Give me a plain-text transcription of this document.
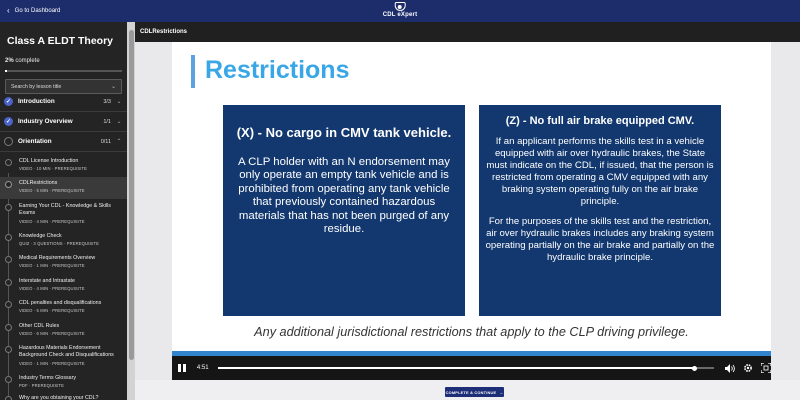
‹ Go to Dashboard
CDL eXpert
Class A ELDT Theory
2% complete
Search by lesson title	⌄
✓	Introduction	3/3 ⌄
✓	Industry Overview	1/1 ⌄
Orientation	0/11 ⌃
CDL License Introduction
VIDEO · 10 MIN · PREREQUISITE
CDLRestrictions
VIDEO · 5 MIN · PREREQUISITE
Earning Your CDL - Knowledge & Skills Exams
VIDEO · 4 MIN · PREREQUISITE
Knowledge Check
QUIZ · 3 QUESTIONS · PREREQUISITE
Medical Requirements Overview
VIDEO · 1 MIN · PREREQUISITE
Interstate and Intrastate
VIDEO · 4 MIN · PREREQUISITE
CDL penalties and disqualifications
VIDEO · 5 MIN · PREREQUISITE
Other CDL Rules
VIDEO · 6 MIN · PREREQUISITE
Hazardous Materials Endorsement Background Check and Disqualifications
VIDEO · 1 MIN · PREREQUISITE
Industry Terms Glossary
PDF · PREREQUISITE
Why are you obtaining your CDL?
CDLRestrictions
Restrictions
(X) - No cargo in CMV tank vehicle.
A CLP holder with an N endorsement may only operate an empty tank vehicle and is prohibited from operating any tank vehicle that previously contained hazardous materials that has not been purged of any residue.
(Z) - No full air brake equipped CMV.
If an applicant performs the skills test in a vehicle equipped with air over hydraulic brakes, the State must indicate on the CDL, if issued, that the person is restricted from operating a CMV equipped with any braking system operating fully on the air brake principle.
For the purposes of the skills test and the restriction, air over hydraulic brakes includes any braking system operating partially on the air brake and partially on the hydraulic brake principle.
Any additional jurisdictional restrictions that apply to the CLP driving privilege.
4:51
COMPLETE & CONTINUE →
